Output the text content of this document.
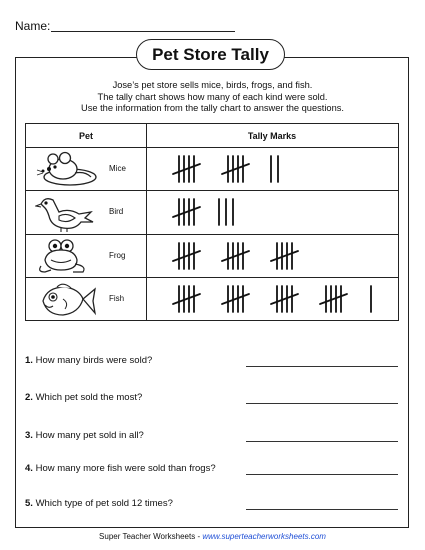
Name:
Pet Store Tally
Jose’s pet store sells mice, birds, frogs, and fish.
The tally chart shows how many of each kind were sold.
Use the information from the tally chart to answer the questions.
Pet	Tally Marks
Mice
Bird
Frog
Fish
1. How many birds were sold?
2. Which pet sold the most?
3. How many pet sold in all?
4. How many more fish were sold than frogs?
5. Which type of pet sold 12 times?
Super Teacher Worksheets - www.superteacherworksheets.com
